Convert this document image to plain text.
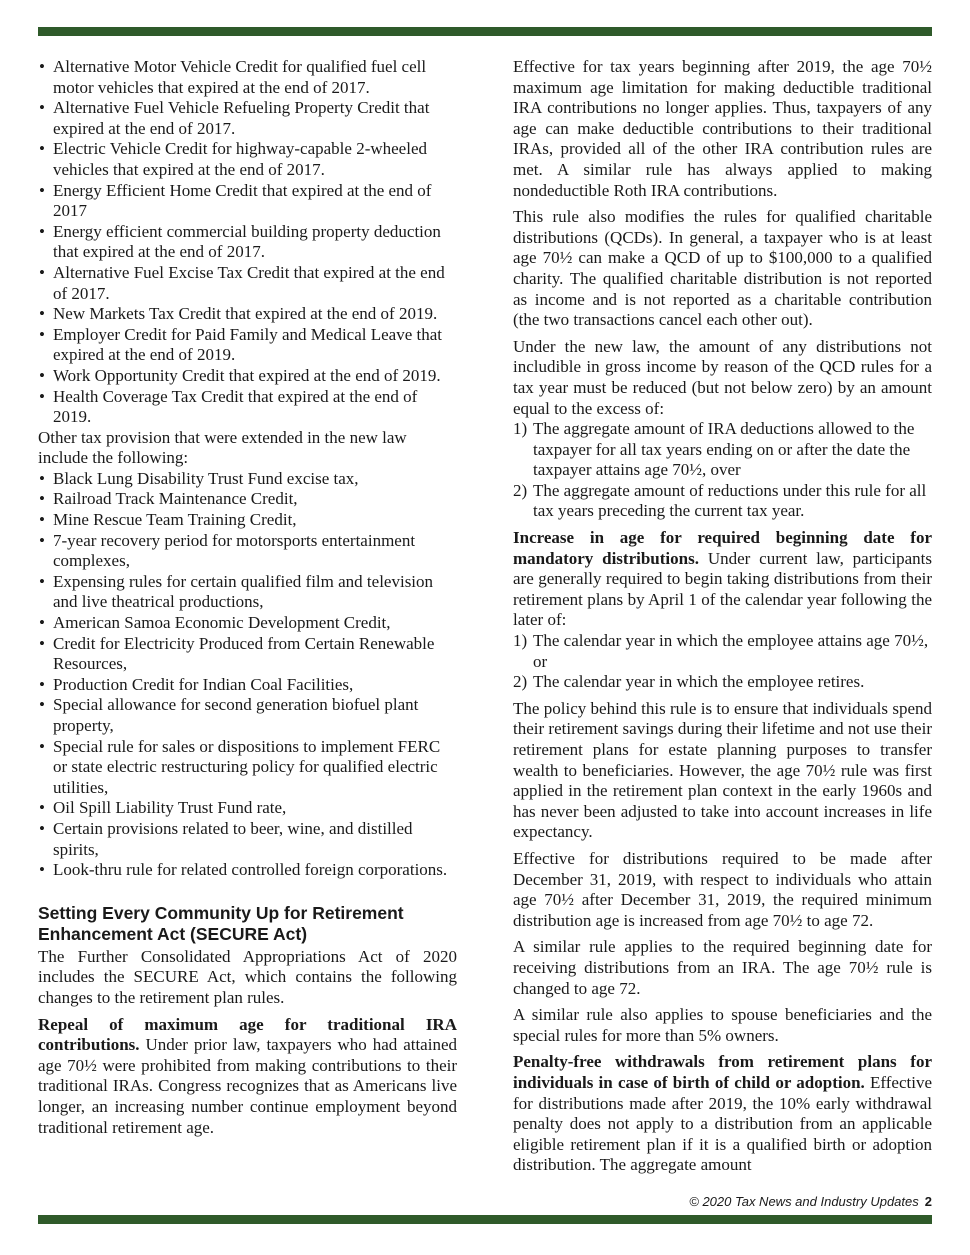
• Alternative Motor Vehicle Credit for qualified fuel cell motor vehicles that expired at the end of 2017.
• Alternative Fuel Vehicle Refueling Property Credit that expired at the end of 2017.
• Electric Vehicle Credit for highway-capable 2-wheeled vehicles that expired at the end of 2017.
• Energy Efficient Home Credit that expired at the end of 2017
• Energy efficient commercial building property deduction that expired at the end of 2017.
• Alternative Fuel Excise Tax Credit that expired at the end of 2017.
• New Markets Tax Credit that expired at the end of 2019.
• Employer Credit for Paid Family and Medical Leave that expired at the end of 2019.
• Work Opportunity Credit that expired at the end of 2019.
• Health Coverage Tax Credit that expired at the end of 2019.

Other tax provision that were extended in the new law include the following:

• Black Lung Disability Trust Fund excise tax,
• Railroad Track Maintenance Credit,
• Mine Rescue Team Training Credit,
• 7-year recovery period for motorsports entertainment complexes,
• Expensing rules for certain qualified film and television and live theatrical productions,
• American Samoa Economic Development Credit,
• Credit for Electricity Produced from Certain Renewable Resources,
• Production Credit for Indian Coal Facilities,
• Special allowance for second generation biofuel plant property,
• Special rule for sales or dispositions to implement FERC or state electric restructuring policy for qualified electric utilities,
• Oil Spill Liability Trust Fund rate,
• Certain provisions related to beer, wine, and distilled spirits,
• Look-thru rule for related controlled foreign corporations.
Setting Every Community Up for Retirement Enhancement Act (SECURE Act)

The Further Consolidated Appropriations Act of 2020 includes the SECURE Act, which contains the following changes to the retirement plan rules.

Repeal of maximum age for traditional IRA contributions. Under prior law, taxpayers who had attained age 70½ were prohibited from making contributions to their traditional IRAs. Congress recognizes that as Americans live longer, an increasing number continue employment beyond traditional retirement age.

Effective for tax years beginning after 2019, the age 70½ maximum age limitation for making deductible traditional IRA contributions no longer applies. Thus, taxpayers of any age can make deductible contributions to their traditional IRAs, provided all of the other IRA contribution rules are met. A similar rule has always applied to making nondeductible Roth IRA contributions.

This rule also modifies the rules for qualified charitable distributions (QCDs). In general, a taxpayer who is at least age 70½ can make a QCD of up to $100,000 to a qualified charity. The qualified charitable distribution is not reported as income and is not reported as a charitable contribution (the two transactions cancel each other out).

Under the new law, the amount of any distributions not includible in gross income by reason of the QCD rules for a tax year must be reduced (but not below zero) by an amount equal to the excess of:

1) The aggregate amount of IRA deductions allowed to the taxpayer for all tax years ending on or after the date the taxpayer attains age 70½, over
2) The aggregate amount of reductions under this rule for all tax years preceding the current tax year.

Increase in age for required beginning date for mandatory distributions. Under current law, participants are generally required to begin taking distributions from their retirement plans by April 1 of the calendar year following the later of:

1) The calendar year in which the employee attains age 70½, or
2) The calendar year in which the employee retires.

The policy behind this rule is to ensure that individuals spend their retirement savings during their lifetime and not use their retirement plans for estate planning purposes to transfer wealth to beneficiaries. However, the age 70½ rule was first applied in the retirement plan context in the early 1960s and has never been adjusted to take into account increases in life expectancy.

Effective for distributions required to be made after December 31, 2019, with respect to individuals who attain age 70½ after December 31, 2019, the required minimum distribution age is increased from age 70½ to age 72.

A similar rule applies to the required beginning date for receiving distributions from an IRA. The age 70½ rule is changed to age 72.

A similar rule also applies to spouse beneficiaries and the special rules for more than 5% owners.

Penalty-free withdrawals from retirement plans for individuals in case of birth of child or adoption. Effective for distributions made after 2019, the 10% early withdrawal penalty does not apply to a distribution from an applicable eligible retirement plan if it is a qualified birth or adoption distribution. The aggregate amount

© 2020 Tax News and Industry Updates 2
